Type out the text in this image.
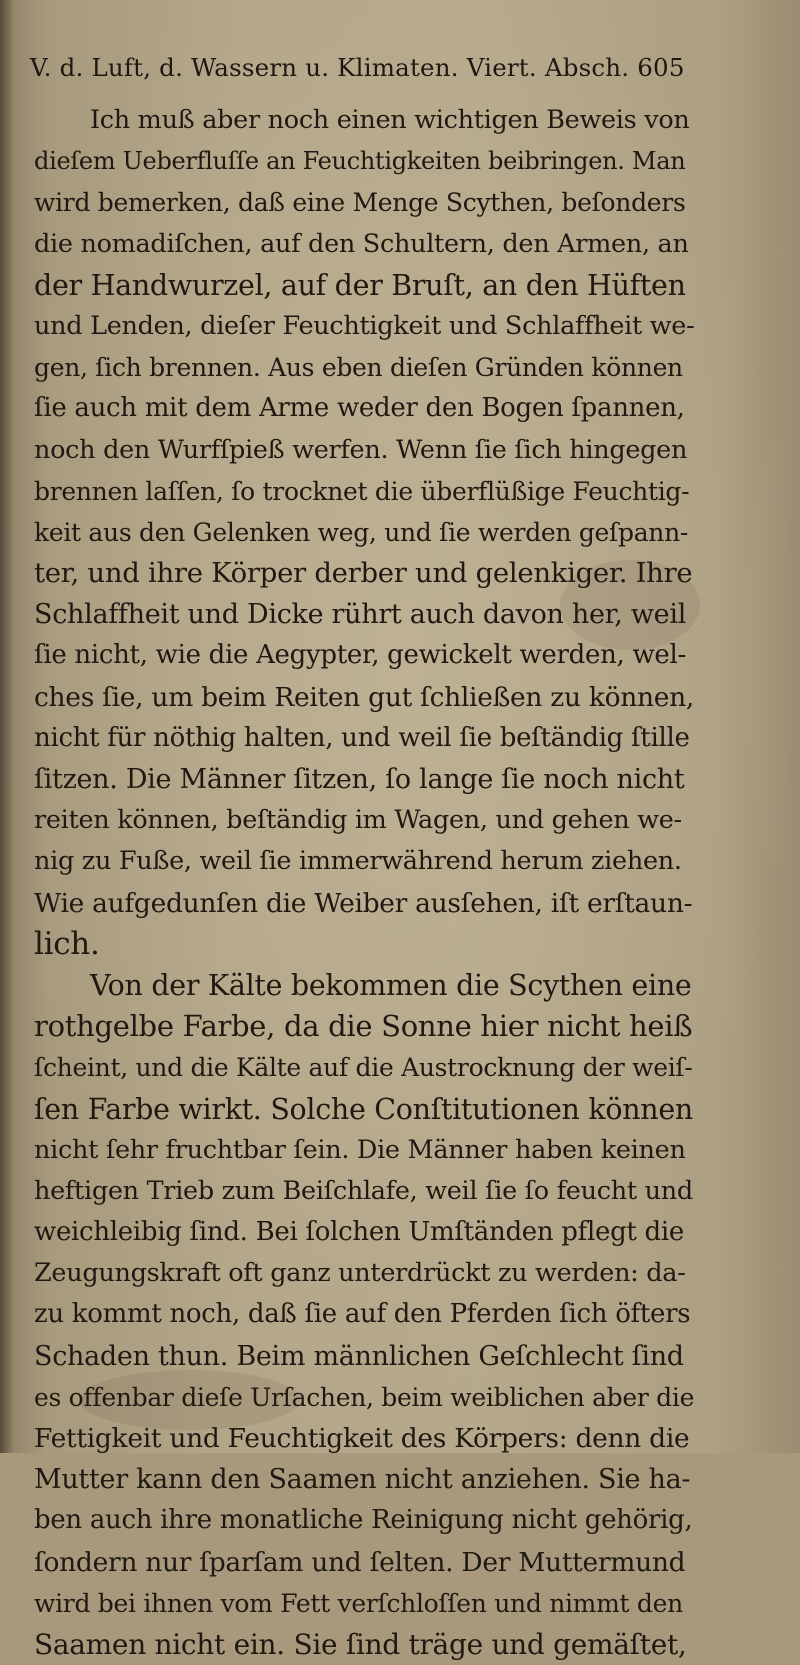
V. d. Luft, d. Wassern u. Klimaten. Viert. Absch. 605
Ich muß aber noch einen wichtigen Beweis von
dieſem Ueberfluſſe an Feuchtigkeiten beibringen. Man
wird bemerken, daß eine Menge Scythen, beſonders
die nomadiſchen, auf den Schultern, den Armen, an
der Handwurzel, auf der Bruſt, an den Hüften
und Lenden, dieſer Feuchtigkeit und Schlaffheit we-
gen, ſich brennen. Aus eben dieſen Gründen können
ſie auch mit dem Arme weder den Bogen ſpannen,
noch den Wurfſpieß werfen. Wenn ſie ſich hingegen
brennen laſſen, ſo trocknet die überflüßige Feuchtig-
keit aus den Gelenken weg, und ſie werden geſpann-
ter, und ihre Körper derber und gelenkiger. Ihre
Schlaffheit und Dicke rührt auch davon her, weil
ſie nicht, wie die Aegypter, gewickelt werden, wel-
ches ſie, um beim Reiten gut ſchließen zu können,
nicht für nöthig halten, und weil ſie beſtändig ſtille
ſitzen. Die Männer ſitzen, ſo lange ſie noch nicht
reiten können, beſtändig im Wagen, und gehen we-
nig zu Fuße, weil ſie immerwährend herum ziehen.
Wie aufgedunſen die Weiber ausſehen, iſt erſtaun-
lich.
Von der Kälte bekommen die Scythen eine
rothgelbe Farbe, da die Sonne hier nicht heiß
ſcheint, und die Kälte auf die Austrocknung der weiſ-
ſen Farbe wirkt. Solche Conſtitutionen können
nicht ſehr fruchtbar ſein. Die Männer haben keinen
heftigen Trieb zum Beiſchlafe, weil ſie ſo feucht und
weichleibig ſind. Bei ſolchen Umſtänden pflegt die
Zeugungskraft oft ganz unterdrückt zu werden: da-
zu kommt noch, daß ſie auf den Pferden ſich öfters
Schaden thun. Beim männlichen Geſchlecht ſind
es offenbar dieſe Urſachen, beim weiblichen aber die
Fettigkeit und Feuchtigkeit des Körpers: denn die
Mutter kann den Saamen nicht anziehen. Sie ha-
ben auch ihre monatliche Reinigung nicht gehörig,
ſondern nur ſparſam und ſelten. Der Muttermund
wird bei ihnen vom Fett verſchloſſen und nimmt den
Saamen nicht ein. Sie ſind träge und gemäſtet,
